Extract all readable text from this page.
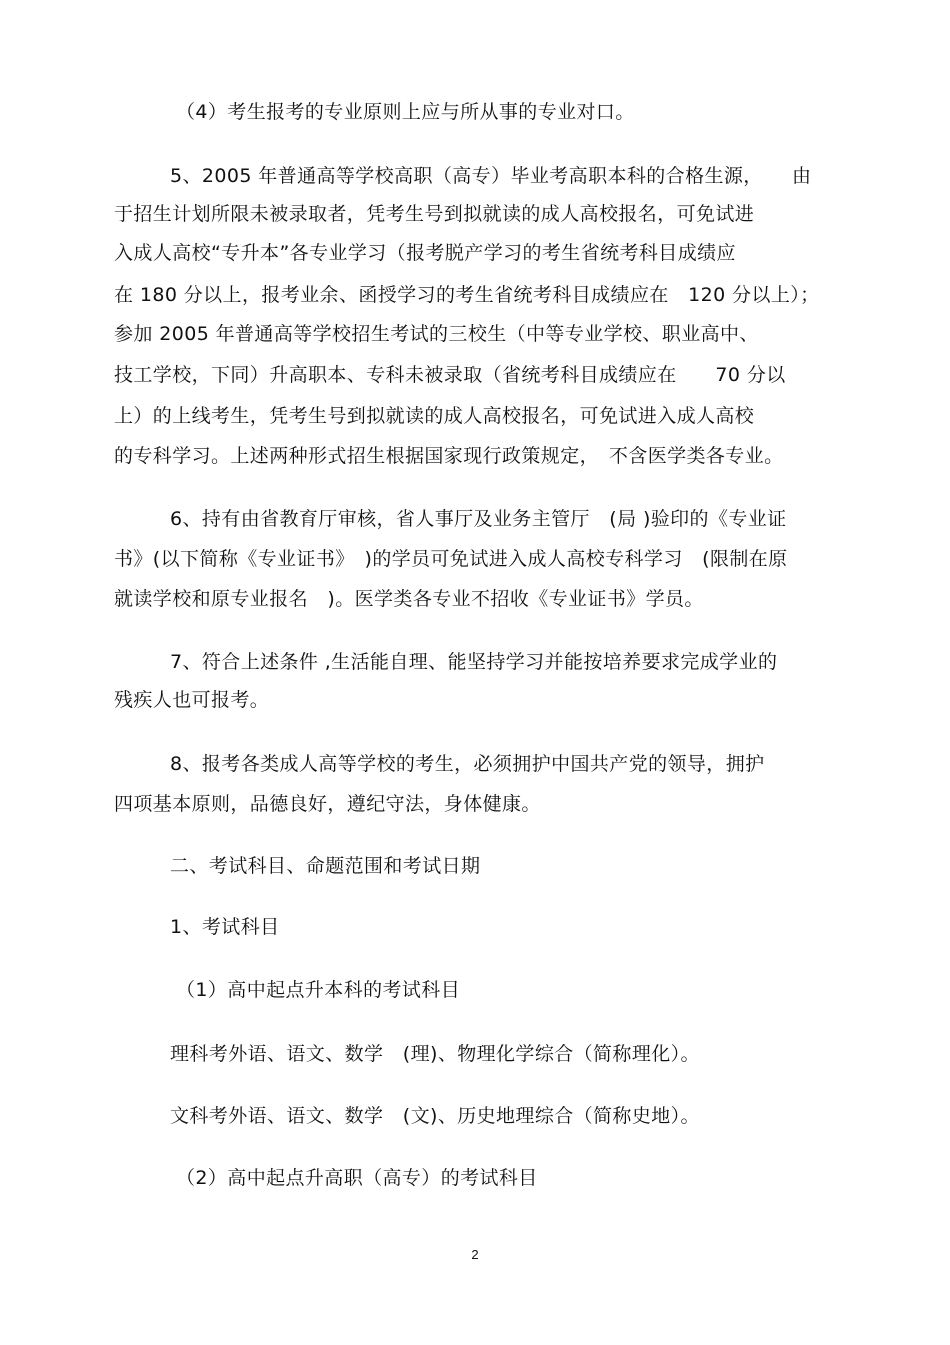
（4）考生报考的专业原则上应与所从事的专业对口。
5、2005 年普通高等学校高职（高专）毕业考高职本科的合格生源，　　由
于招生计划所限未被录取者，凭考生号到拟就读的成人高校报名，可免试进
入成人高校“专升本”各专业学习（报考脱产学习的考生省统考科目成绩应
在 180 分以上，报考业余、函授学习的考生省统考科目成绩应在　120 分以上）；
参加 2005 年普通高等学校招生考试的三校生（中等专业学校、职业高中、
技工学校，下同）升高职本、专科未被录取（省统考科目成绩应在　　70 分以
上）的上线考生，凭考生号到拟就读的成人高校报名，可免试进入成人高校
的专科学习。上述两种形式招生根据国家现行政策规定，　不含医学类各专业。
6、持有由省教育厅审核，省人事厅及业务主管厅　(局 )验印的《专业证
书》(以下简称《专业证书》　)的学员可免试进入成人高校专科学习　(限制在原
就读学校和原专业报名　)。医学类各专业不招收《专业证书》学员。
7、符合上述条件 ,生活能自理、能坚持学习并能按培养要求完成学业的
残疾人也可报考。
8、报考各类成人高等学校的考生，必须拥护中国共产党的领导，拥护
四项基本原则，品德良好，遵纪守法，身体健康。
二、考试科目、命题范围和考试日期
1、考试科目
（1）高中起点升本科的考试科目
理科考外语、语文、数学　(理)、物理化学综合（简称理化）。
文科考外语、语文、数学　(文)、历史地理综合（简称史地）。
（2）高中起点升高职（高专）的考试科目
2
